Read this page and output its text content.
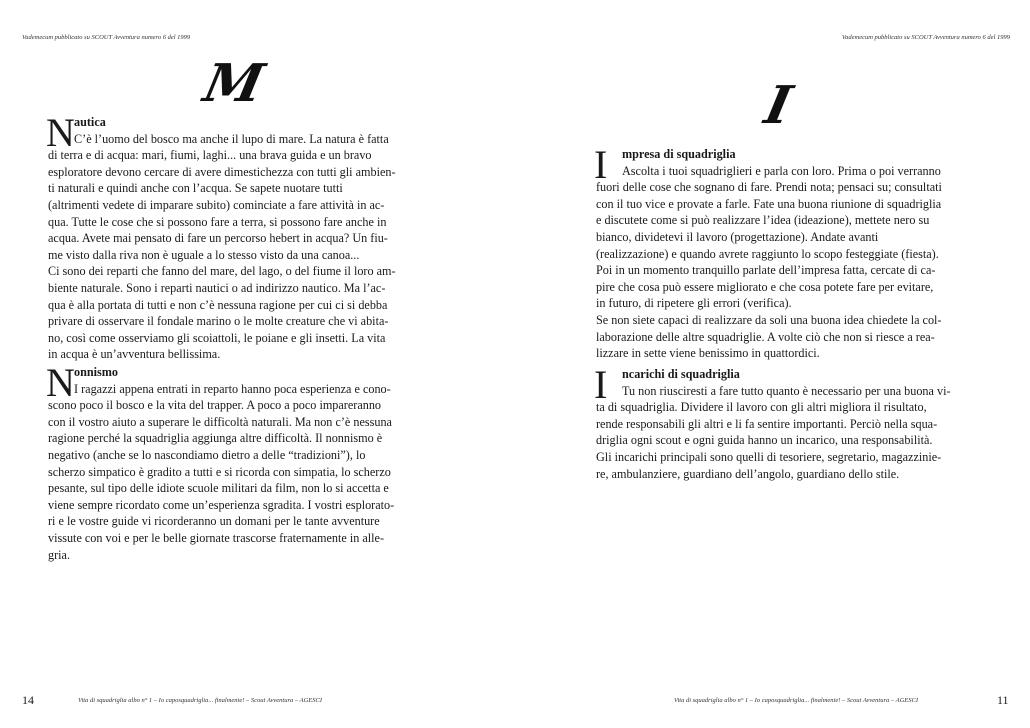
Vademecum pubblicato su SCOUT Avventura numero 6 del 1999	Vademecum pubblicato su SCOUT Avventura numero 6 del 1999
M	I
N autica
C’è l’uomo del bosco ma anche il lupo di mare. La natura è fatta
di terra e di acqua: mari, fiumi, laghi... una brava guida e un bravo
esploratore devono cercare di avere dimestichezza con tutti gli ambien-
ti naturali e quindi anche con l’acqua. Se sapete nuotare tutti
(altrimenti vedete di imparare subito) cominciate a fare attività in ac-
qua. Tutte le cose che si possono fare a terra, si possono fare anche in
acqua. Avete mai pensato di fare un percorso hebert in acqua? Un fiu-
me visto dalla riva non è uguale a lo stesso visto da una canoa...
Ci sono dei reparti che fanno del mare, del lago, o del fiume il loro am-
biente naturale. Sono i reparti nautici o ad indirizzo nautico. Ma l’ac-
qua è alla portata di tutti e non c’è nessuna ragione per cui ci si debba
privare di osservare il fondale marino o le molte creature che vi abita-
no, così come osserviamo gli scoiattoli, le poiane e gli insetti. La vita
in acqua è un’avventura bellissima.
N onnismo
I ragazzi appena entrati in reparto hanno poca esperienza e cono-
scono poco il bosco e la vita del trapper. A poco a poco impareranno
con il vostro aiuto a superare le difficoltà naturali. Ma non c’è nessuna
ragione perché la squadriglia aggiunga altre difficoltà. Il nonnismo è
negativo (anche se lo nascondiamo dietro a delle “tradizioni”), lo
scherzo simpatico è gradito a tutti e si ricorda con simpatia, lo scherzo
pesante, sul tipo delle idiote scuole militari da film, non lo si accetta e
viene sempre ricordato come un’esperienza sgradita. I vostri esplorato-
ri e le vostre guide vi ricorderanno un domani per le tante avventure
vissute con voi e per le belle giornate trascorse fraternamente in alle-
gria.
I mpresa di squadriglia
Ascolta i tuoi squadriglieri e parla con loro. Prima o poi verranno
fuori delle cose che sognano di fare. Prendi nota; pensaci su; consultati
con il tuo vice e provate a farle. Fate una buona riunione di squadriglia
e discutete come si può realizzare l’idea (ideazione), mettete nero su
bianco, dividetevi il lavoro (progettazione). Andate avanti
(realizzazione) e quando avrete raggiunto lo scopo festeggiate (fiesta).
Poi in un momento tranquillo parlate dell’impresa fatta, cercate di ca-
pire che cosa può essere migliorato e che cosa potete fare per evitare,
in futuro, di ripetere gli errori (verifica).
Se non siete capaci di realizzare da soli una buona idea chiedete la col-
laborazione delle altre squadriglie. A volte ciò che non si riesce a rea-
lizzare in sette viene benissimo in quattordici.
I ncarichi di squadriglia
Tu non riusciresti a fare tutto quanto è necessario per una buona vi-
ta di squadriglia. Dividere il lavoro con gli altri migliora il risultato,
rende responsabili gli altri e li fa sentire importanti. Perciò nella squa-
driglia ogni scout e ogni guida hanno un incarico, una responsabilità.
Gli incarichi principali sono quelli di tesoriere, segretario, magazzinie-
re, ambulanziere, guardiano dell’angolo, guardiano dello stile.
14	Vita di squadriglia albo n° 1 – Io caposquadriglia... finalmente! – Scout Avventura – AGESCI	Vita di squadriglia albo n° 1 – Io caposquadriglia... finalmente! – Scout Avventura – AGESCI	11
